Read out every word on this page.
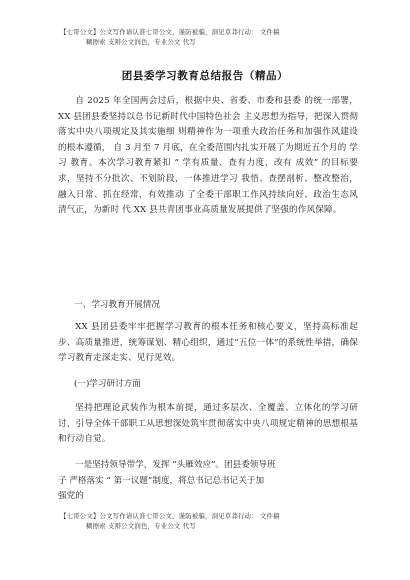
【七哥公文】公文写作请认准七哥公文，谨防被骗，洞见草莽行动： 文件稿
糊擦索 支辩公文润色，专业公文 代写
团县委学习教育总结报告（精品）

自 2025 年全国两会过后，根据中央、省委、市委和县委 的统一部署，XX 县团县委坚持以总书记新时代中国特色社会 主义思想为指导，把深入贯彻落实中央八项规定及其实施细 则精神作为一项重大政治任务和加强作风建设的根本遵循， 自 3 月至 7 月底，在全委范围内扎实开展了为期近五个月的 学习 教育。本次学习教育紧扣 “ 学有质量、查有力度，改有 成效” 的目标要求，坚持不分批次、不划阶段，一体推进学习 我悟、查摆剖析、整改整治，融入日常、抓在经常，有效推动 了全委干部职工作风持续向好、政治生态风清气正，为新时 代 XX 县共青团事业高质量发展提供了坚强的作风保障。

一、学习教育开展情况

XX 县团县委牢牢把握学习教育的根本任务和核心要义，坚持高标准起步、高质量推进，统筹谋划、精心组织，通过“五位一体”的系统性举措，确保学习教育走深走实、见行见效。

(一)学习研讨方面

坚持把理论武装作为根本前提，通过多层次、全覆盖、立体化的学习研讨，引导全体干部职工从思想深处筑牢贯彻落实中央八项规定精神的思想根基和行动自觉。

一是坚持领导带学，发挥 “头雁效应”。团县委领导班
子 严格落实 “ 第一议题”制度，将总书记总书记关于加
强党的
【七哥公文】公文写作请认准七哥公文，谨防被骗，洞见草莽行动： 文件稿
糊擦索 支辩公文润色，专业公文 代写
